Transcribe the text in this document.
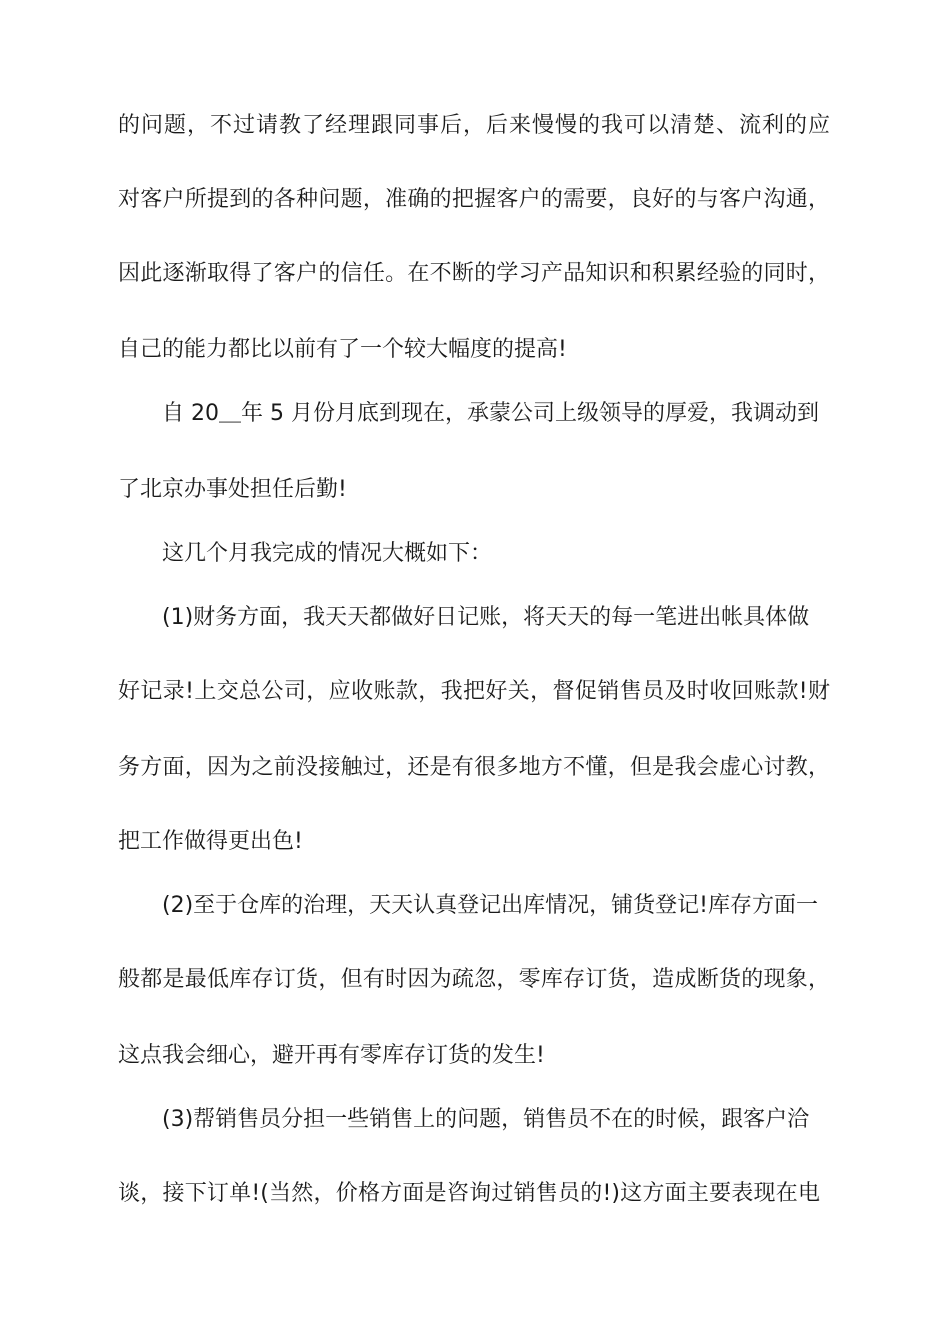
的问题，不过请教了经理跟同事后，后来慢慢的我可以清楚、流利的应
对客户所提到的各种问题，准确的把握客户的需要，良好的与客户沟通，
因此逐渐取得了客户的信任。在不断的学习产品知识和积累经验的同时，
自己的能力都比以前有了一个较大幅度的提高!
自 20＿年 5 月份月底到现在，承蒙公司上级领导的厚爱，我调动到
了北京办事处担任后勤!
这几个月我完成的情况大概如下：
(1)财务方面，我天天都做好日记账，将天天的每一笔进出帐具体做
好记录!上交总公司，应收账款，我把好关，督促销售员及时收回账款!财
务方面，因为之前没接触过，还是有很多地方不懂，但是我会虚心讨教，
把工作做得更出色!
(2)至于仓库的治理，天天认真登记出库情况，铺货登记!库存方面一
般都是最低库存订货，但有时因为疏忽，零库存订货，造成断货的现象，
这点我会细心，避开再有零库存订货的发生!
(3)帮销售员分担一些销售上的问题，销售员不在的时候，跟客户洽
谈，接下订单!(当然，价格方面是咨询过销售员的!)这方面主要表现在电
